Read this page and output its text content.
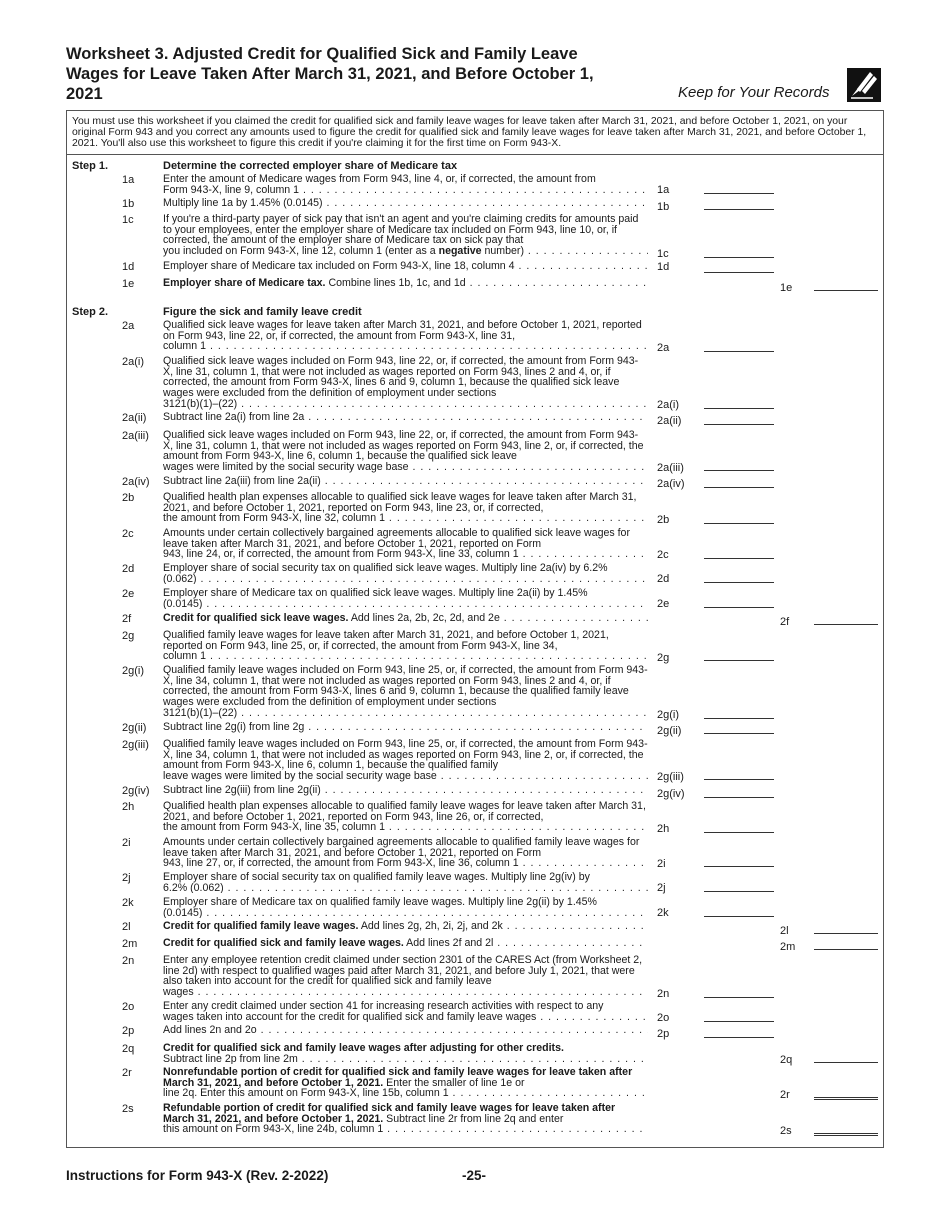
Worksheet 3. Adjusted Credit for Qualified Sick and Family Leave Wages for Leave Taken After March 31, 2021, and Before October 1, 2021	Keep for Your Records
You must use this worksheet if you claimed the credit for qualified sick and family leave wages for leave taken after March 31, 2021, and before October 1, 2021, on your original Form 943 and you correct any amounts used to figure the credit for qualified sick and family leave wages for leave taken after March 31, 2021, and before October 1, 2021. You'll also use this worksheet to figure this credit if you're claiming it for the first time on Form 943-X.
Step 1.	Determine the corrected employer share of Medicare tax
1a	Enter the amount of Medicare wages from Form 943, line 4, or, if corrected, the amount from
Form 943-X, line 9, column 1 . . .	1a
1b	Multiply line 1a by 1.45% (0.0145) . . .	1b
1c	If you're a third-party payer of sick pay that isn't an agent and you're claiming credits for amounts paid to your employees, enter the employer share of Medicare tax included on Form 943, line 10, or, if corrected, the amount of the employer share of Medicare tax on sick pay that
you included on Form 943-X, line 12, column 1 (enter as a negative number) . . .	1c
1d	Employer share of Medicare tax included on Form 943-X, line 18, column 4 . . .	1d
1e	Employer share of Medicare tax. Combine lines 1b, 1c, and 1d . . .	1e
Step 2.	Figure the sick and family leave credit
2a	Qualified sick leave wages for leave taken after March 31, 2021, and before October 1, 2021, reported on Form 943, line 22, or, if corrected, the amount from Form 943-X, line 31,
column 1 . . .	2a
2a(i) Qualified sick leave wages included on Form 943, line 22, or, if corrected, the amount from Form 943-X, line 31, column 1, that were not included as wages reported on Form 943, lines 2 and 4, or, if corrected, the amount from Form 943-X, lines 6 and 9, column 1, because the qualified sick leave wages were excluded from the definition of employment under sections
3121(b)(1)–(22) . . .	2a(i)
2a(ii) Subtract line 2a(i) from line 2a . . .	2a(ii)
2a(iii) Qualified sick leave wages included on Form 943, line 22, or, if corrected, the amount from Form 943-X, line 31, column 1, that were not included as wages reported on Form 943, line 2, or, if corrected, the amount from Form 943-X, line 6, column 1, because the qualified sick leave
wages were limited by the social security wage base . . .	2a(iii)
2a(iv) Subtract line 2a(iii) from line 2a(ii) . . .	2a(iv)
2b	Qualified health plan expenses allocable to qualified sick leave wages for leave taken after March 31, 2021, and before October 1, 2021, reported on Form 943, line 23, or, if corrected,
the amount from Form 943-X, line 32, column 1 . . .	2b
2c	Amounts under certain collectively bargained agreements allocable to qualified sick leave wages for leave taken after March 31, 2021, and before October 1, 2021, reported on Form
943, line 24, or, if corrected, the amount from Form 943-X, line 33, column 1 . . .	2c
2d	Employer share of social security tax on qualified sick leave wages. Multiply line 2a(iv) by 6.2%
(0.062) . . .	2d
2e	Employer share of Medicare tax on qualified sick leave wages. Multiply line 2a(ii) by 1.45%
(0.0145) . . .	2e
2f	Credit for qualified sick leave wages. Add lines 2a, 2b, 2c, 2d, and 2e . . .	2f
2g	Qualified family leave wages for leave taken after March 31, 2021, and before October 1, 2021, reported on Form 943, line 25, or, if corrected, the amount from Form 943-X, line 34,
column 1 . . .	2g
2g(i) Qualified family leave wages included on Form 943, line 25, or, if corrected, the amount from Form 943-X, line 34, column 1, that were not included as wages reported on Form 943, lines 2 and 4, or, if corrected, the amount from Form 943-X, lines 6 and 9, column 1, because the qualified family leave wages were excluded from the definition of employment under sections
3121(b)(1)–(22) . . .	2g(i)
2g(ii) Subtract line 2g(i) from line 2g . . .	2g(ii)
2g(iii) Qualified family leave wages included on Form 943, line 25, or, if corrected, the amount from Form 943-X, line 34, column 1, that were not included as wages reported on Form 943, line 2, or, if corrected, the amount from Form 943-X, line 6, column 1, because the qualified family
leave wages were limited by the social security wage base . . .	2g(iii)
2g(iv) Subtract line 2g(iii) from line 2g(ii) . . .	2g(iv)
2h	Qualified health plan expenses allocable to qualified family leave wages for leave taken after March 31, 2021, and before October 1, 2021, reported on Form 943, line 26, or, if corrected,
the amount from Form 943-X, line 35, column 1 . . .	2h
2i	Amounts under certain collectively bargained agreements allocable to qualified family leave wages for leave taken after March 31, 2021, and before October 1, 2021, reported on Form
943, line 27, or, if corrected, the amount from Form 943-X, line 36, column 1 . . .	2i
2j	Employer share of social security tax on qualified family leave wages. Multiply line 2g(iv) by
6.2% (0.062) . . .	2j
2k	Employer share of Medicare tax on qualified family leave wages. Multiply line 2g(ii) by 1.45%
(0.0145) . . .	2k
2l	Credit for qualified family leave wages. Add lines 2g, 2h, 2i, 2j, and 2k . . .	2l
2m Credit for qualified sick and family leave wages. Add lines 2f and 2l . . .	2m
2n	Enter any employee retention credit claimed under section 2301 of the CARES Act (from Worksheet 2, line 2d) with respect to qualified wages paid after March 31, 2021, and before July 1, 2021, that were also taken into account for the credit for qualified sick and family leave
wages . . .	2n
2o	Enter any credit claimed under section 41 for increasing research activities with respect to any
wages taken into account for the credit for qualified sick and family leave wages . . .	2o
2p	Add lines 2n and 2o . . .	2p
2q	Credit for qualified sick and family leave wages after adjusting for other credits.
Subtract line 2p from line 2m . . .	2q
2r	Nonrefundable portion of credit for qualified sick and family leave wages for leave taken after March 31, 2021, and before October 1, 2021. Enter the smaller of line 1e or
line 2q. Enter this amount on Form 943-X, line 15b, column 1 . . .	2r
2s	Refundable portion of credit for qualified sick and family leave wages for leave taken after March 31, 2021, and before October 1, 2021. Subtract line 2r from line 2q and enter
this amount on Form 943-X, line 24b, column 1 . . .	2s
Instructions for Form 943-X (Rev. 2-2022)	-25-
